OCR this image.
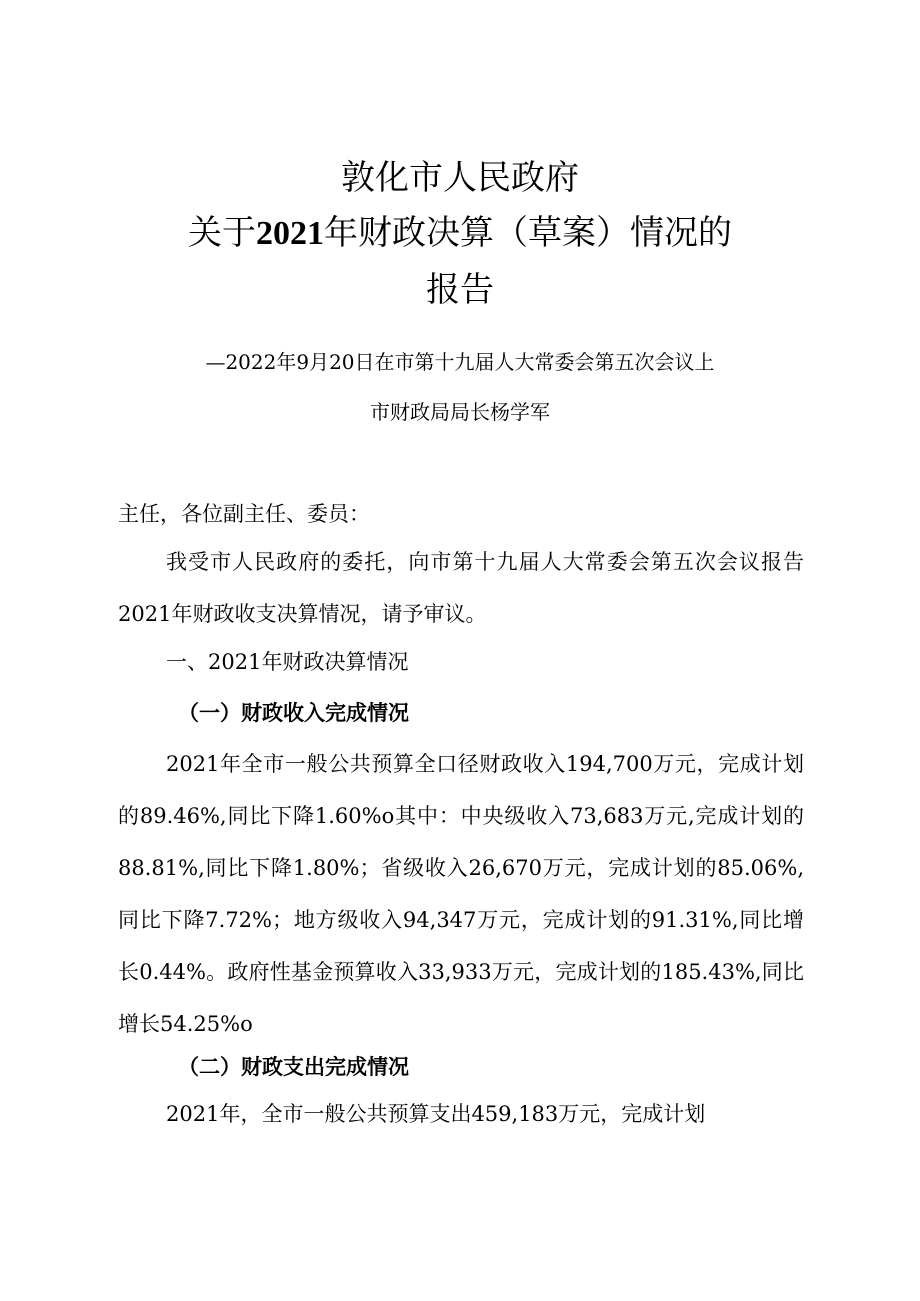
敦化市人民政府
关于2021年财政决算（草案）情况的
报告
—2022年9月20日在市第十九届人大常委会第五次会议上
市财政局局长杨学军
主任，各位副主任、委员：
我受市人民政府的委托，向市第十九届人大常委会第五次会议报告2021年财政收支决算情况，请予审议。
一、2021年财政决算情况
（一）财政收入完成情况
2021年全市一般公共预算全口径财政收入194,700万元，完成计划的89.46%,同比下降1.60%o其中：中央级收入73,683万元,完成计划的88.81%,同比下降1.80%；省级收入26,670万元，完成计划的85.06%,同比下降7.72%；地方级收入94,347万元，完成计划的91.31%,同比增长0.44%。政府性基金预算收入33,933万元，完成计划的185.43%,同比增长54.25%o
（二）财政支出完成情况
2021年，全市一般公共预算支出459,183万元，完成计划
